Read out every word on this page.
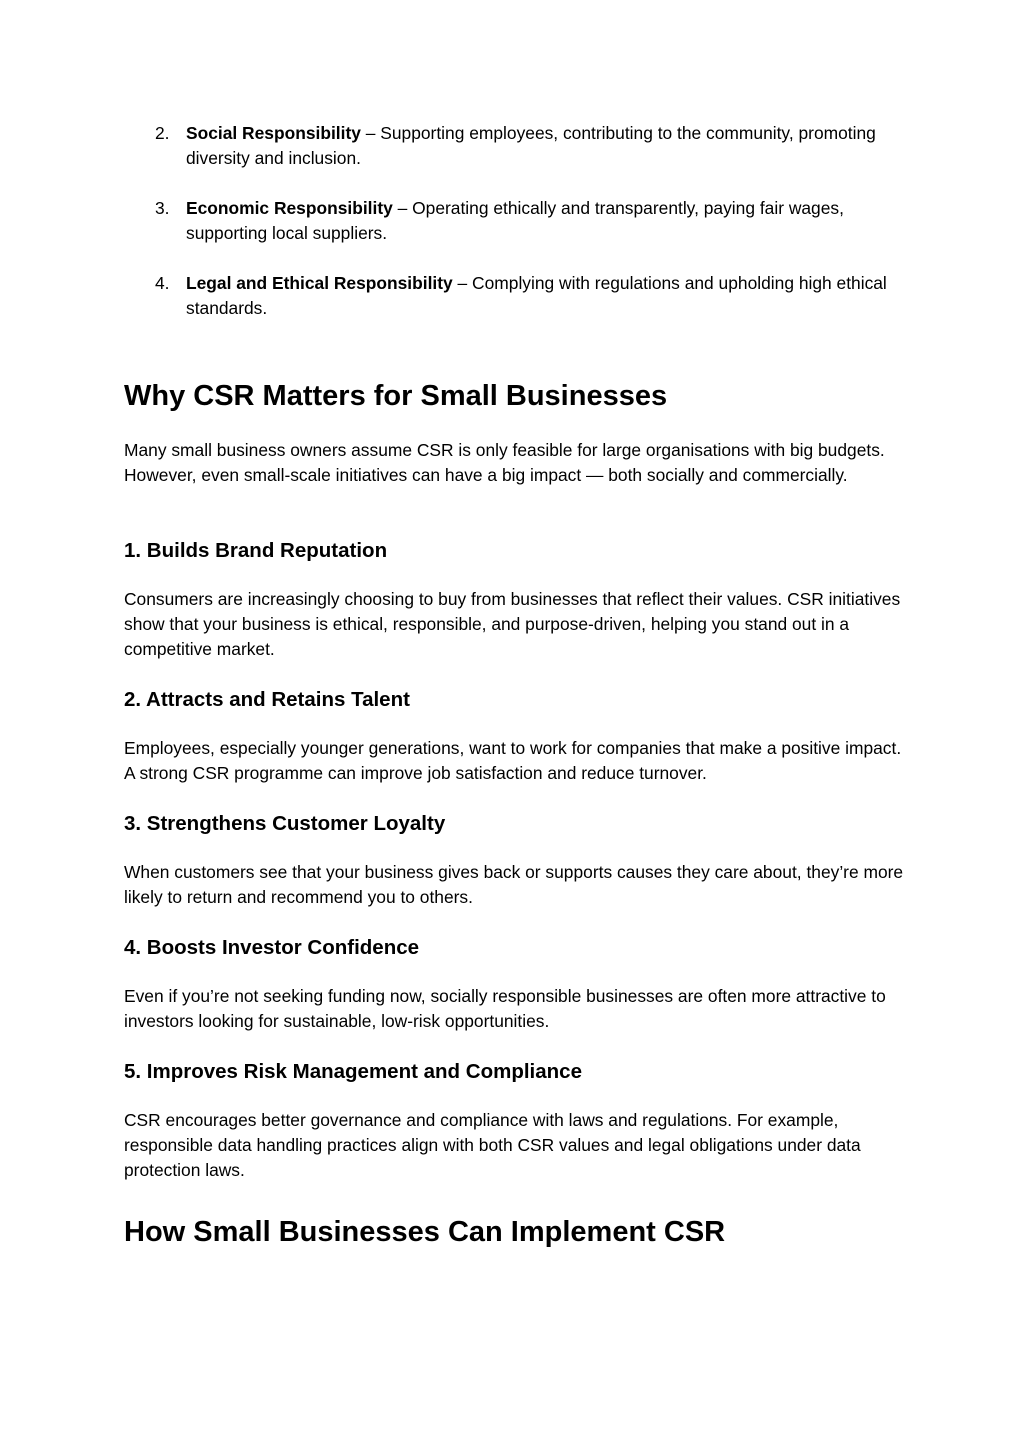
2. Social Responsibility – Supporting employees, contributing to the community, promoting diversity and inclusion.
3. Economic Responsibility – Operating ethically and transparently, paying fair wages, supporting local suppliers.
4. Legal and Ethical Responsibility – Complying with regulations and upholding high ethical standards.
Why CSR Matters for Small Businesses

Many small business owners assume CSR is only feasible for large organisations with big budgets. However, even small-scale initiatives can have a big impact — both socially and commercially.

1. Builds Brand Reputation

Consumers are increasingly choosing to buy from businesses that reflect their values. CSR initiatives show that your business is ethical, responsible, and purpose-driven, helping you stand out in a competitive market.

2. Attracts and Retains Talent

Employees, especially younger generations, want to work for companies that make a positive impact. A strong CSR programme can improve job satisfaction and reduce turnover.

3. Strengthens Customer Loyalty

When customers see that your business gives back or supports causes they care about, they’re more likely to return and recommend you to others.

4. Boosts Investor Confidence

Even if you’re not seeking funding now, socially responsible businesses are often more attractive to investors looking for sustainable, low-risk opportunities.

5. Improves Risk Management and Compliance

CSR encourages better governance and compliance with laws and regulations. For example, responsible data handling practices align with both CSR values and legal obligations under data protection laws.

How Small Businesses Can Implement CSR
